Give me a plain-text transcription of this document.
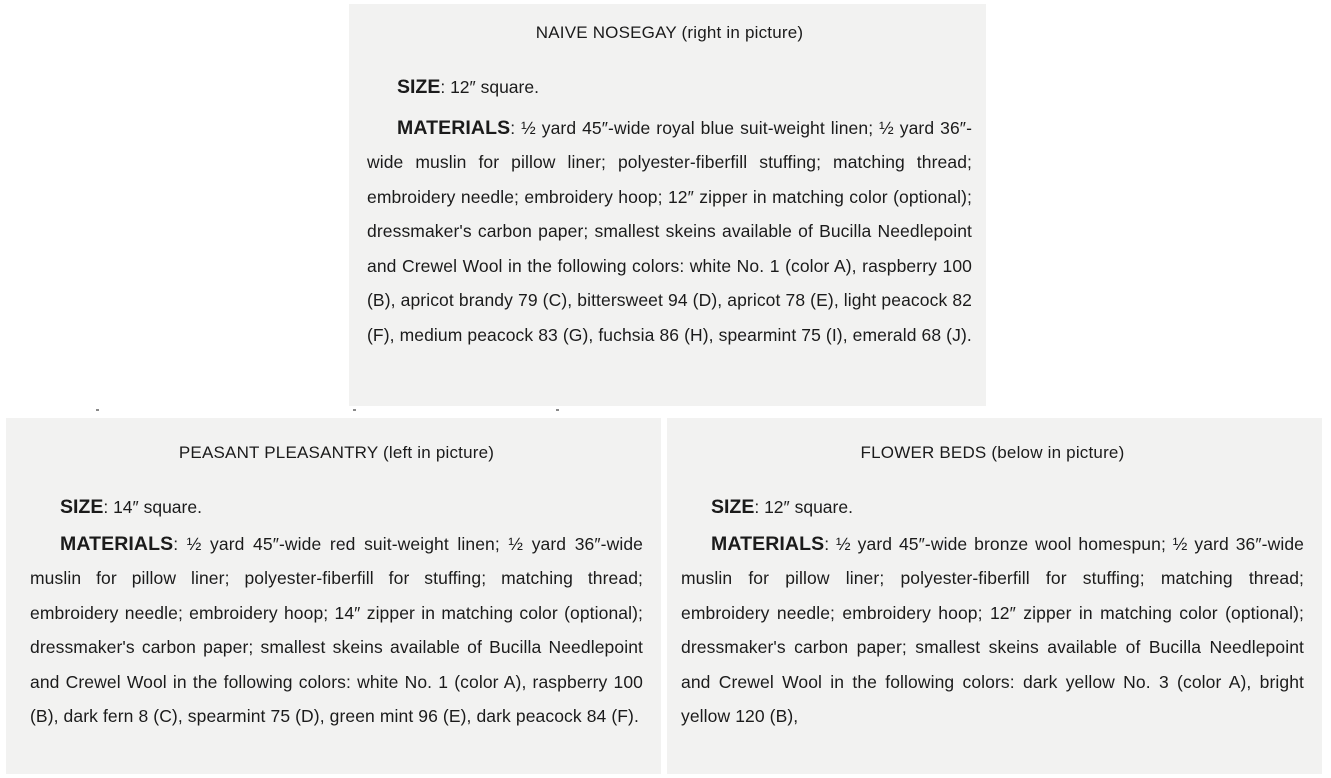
NAIVE NOSEGAY (right in picture)
SIZE: 12″ square.

MATERIALS: ½ yard 45″-wide royal blue suit-weight linen; ½ yard 36″-wide muslin for pillow liner; polyester-fiberfill stuffing; matching thread; embroidery needle; embroidery hoop; 12″ zipper in matching color (optional); dressmaker's carbon paper; smallest skeins available of Bucilla Needlepoint and Crewel Wool in the following colors: white No. 1 (color A), raspberry 100 (B), apricot brandy 79 (C), bittersweet 94 (D), apricot 78 (E), light peacock 82 (F), medium peacock 83 (G), fuchsia 86 (H), spearmint 75 (I), emerald 68 (J).

PEASANT PLEASANTRY (left in picture)
SIZE: 14″ square.

MATERIALS: ½ yard 45″-wide red suit-weight linen; ½ yard 36″-wide muslin for pillow liner; polyester-fiberfill for stuffing; matching thread; embroidery needle; embroidery hoop; 14″ zipper in matching color (optional); dressmaker's carbon paper; smallest skeins available of Bucilla Needlepoint and Crewel Wool in the following colors: white No. 1 (color A), raspberry 100 (B), dark fern 8 (C), spearmint 75 (D), green mint 96 (E), dark peacock 84 (F).

FLOWER BEDS (below in picture)
SIZE: 12″ square.

MATERIALS: ½ yard 45″-wide bronze wool homespun; ½ yard 36″-wide muslin for pillow liner; polyester-fiberfill for stuffing; matching thread; embroidery needle; embroidery hoop; 12″ zipper in matching color (optional); dressmaker's carbon paper; smallest skeins available of Bucilla Needlepoint and Crewel Wool in the following colors: dark yellow No. 3 (color A), bright yellow 120 (B),
